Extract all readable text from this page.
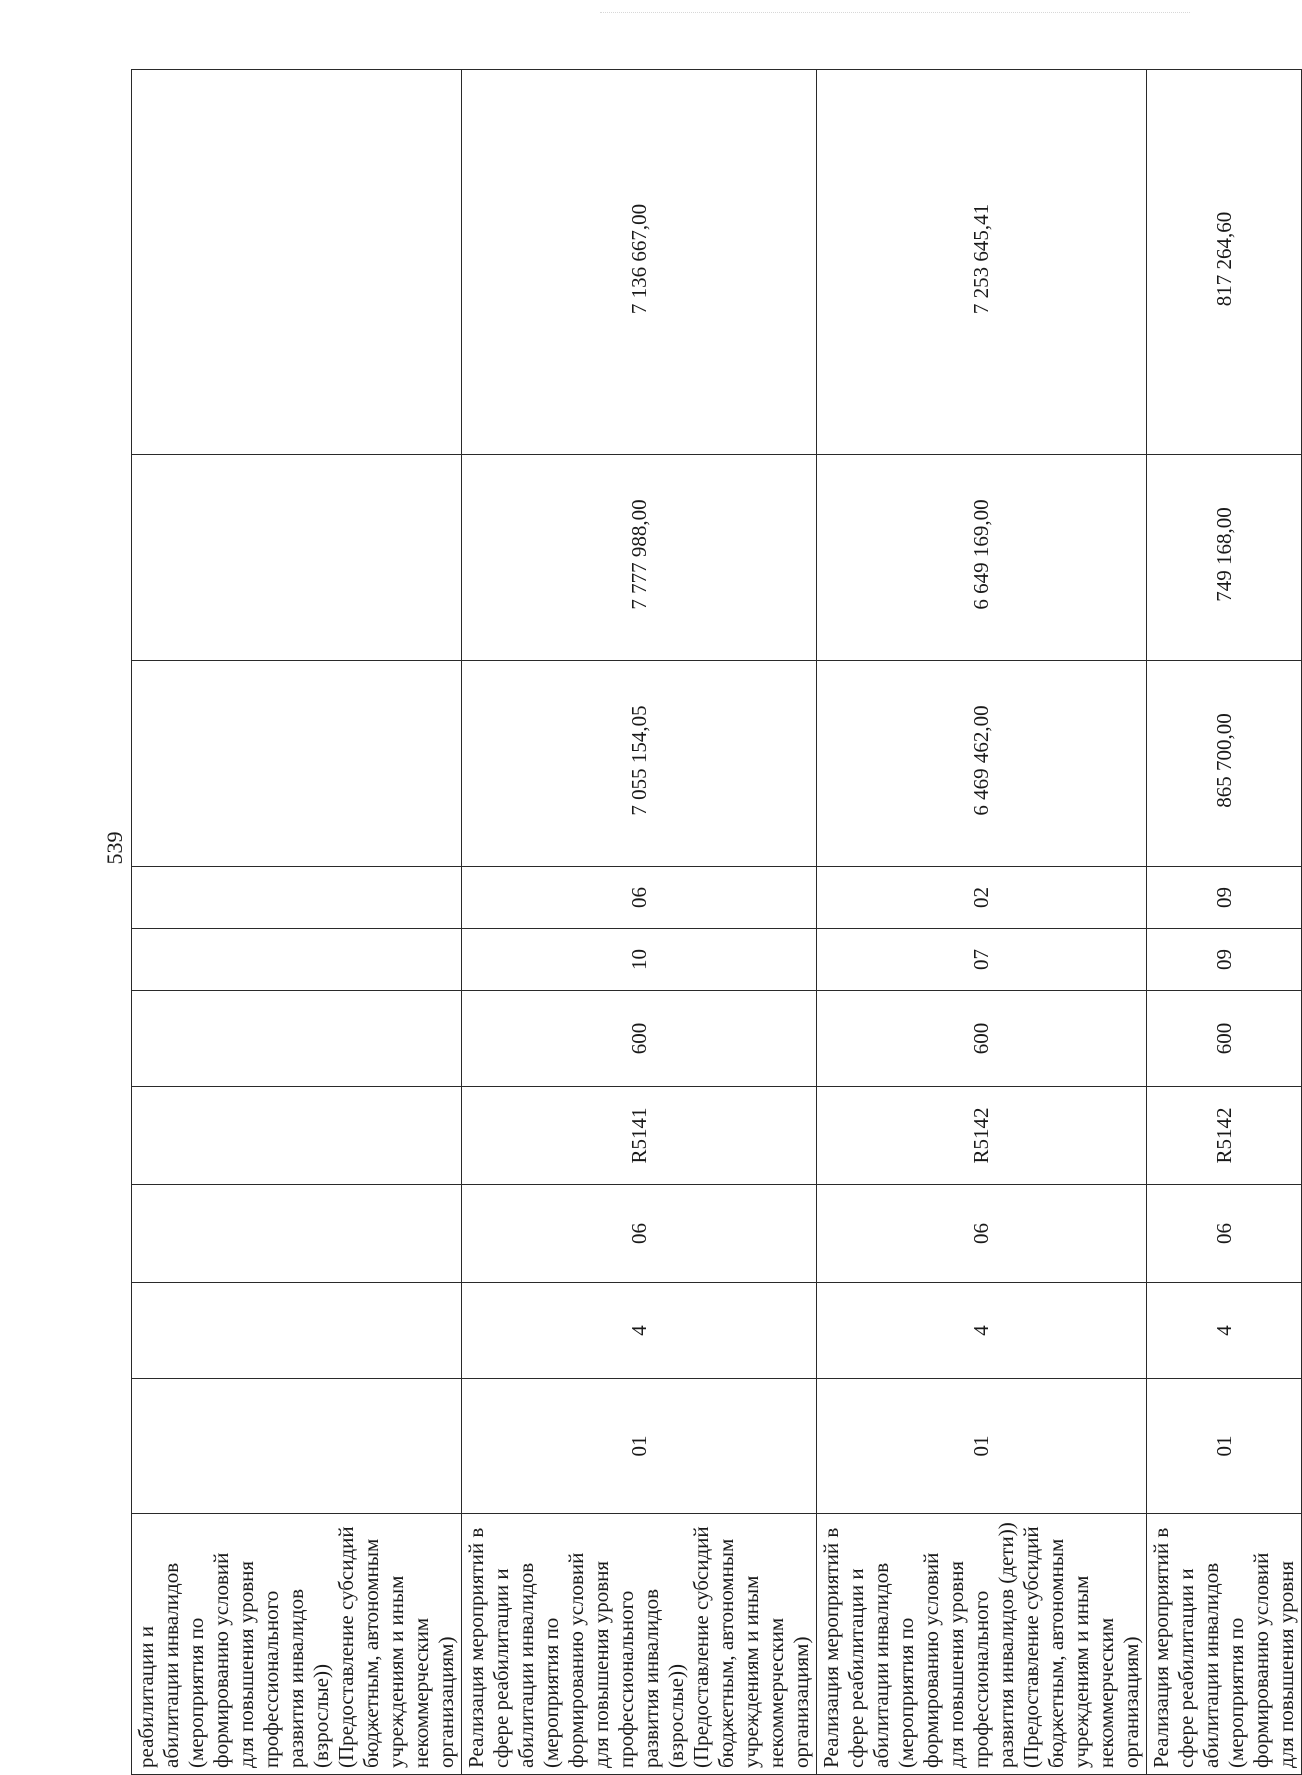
539
реабилитации и абилитации инвалидов (мероприятия по формированию условий для повышения уровня профессионального развития инвалидов (взрослые)) (Предоставление субсидий бюджетным, автономным учреждениям и иным некоммерческим организациям)										
Реализация мероприятий в сфере реабилитации и абилитации инвалидов (мероприятия по формированию условий для повышения уровня профессионального развития инвалидов (взрослые)) (Предоставление субсидий бюджетным, автономным учреждениям и иным некоммерческим организациям)	01	4	06	R5141	600	10	06	7 055 154,05	7 777 988,00	7 136 667,00
Реализация мероприятий в сфере реабилитации и абилитации инвалидов (мероприятия по формированию условий для повышения уровня профессионального развития инвалидов (дети)) (Предоставление субсидий бюджетным, автономным учреждениям и иным некоммерческим организациям)	01	4	06	R5142	600	07	02	6 469 462,00	6 649 169,00	7 253 645,41
Реализация мероприятий в сфере реабилитации и абилитации инвалидов (мероприятия по формированию условий для повышения уровня	01	4	06	R5142	600	09	09	865 700,00	749 168,00	817 264,60
